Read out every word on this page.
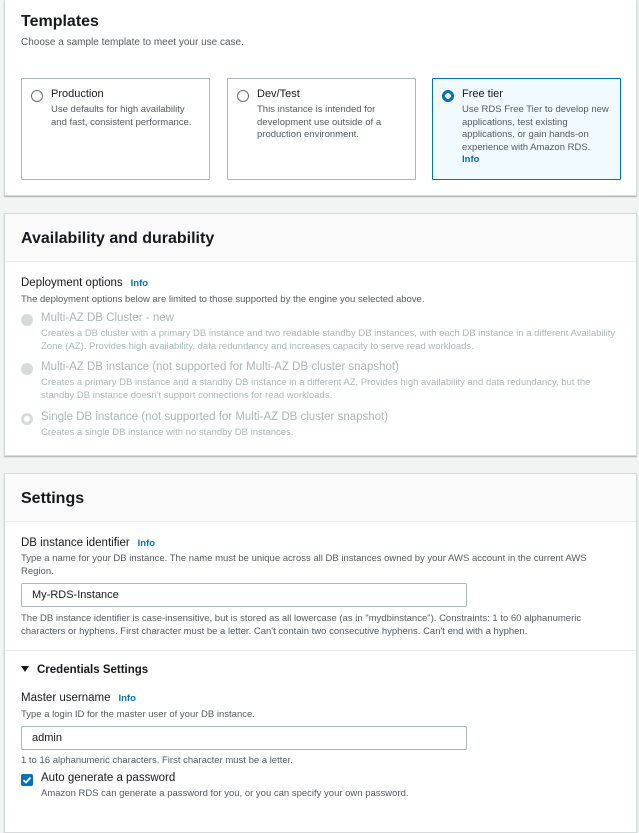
Templates
Choose a sample template to meet your use case.
Production
Use defaults for high availability and fast, consistent performance.
Dev/Test
This instance is intended for development use outside of a production environment.
Free tier
Use RDS Free Tier to develop new applications, test existing applications, or gain hands-on experience with Amazon RDS.
Info
Availability and durability
Deployment options Info
The deployment options below are limited to those supported by the engine you selected above.
Multi-AZ DB Cluster - new
Creates a DB cluster with a primary DB instance and two readable standby DB instances, with each DB instance in a different Availability Zone (AZ). Provides high availability, data redundancy and increases capacity to serve read workloads.
Multi-AZ DB instance (not supported for Multi-AZ DB cluster snapshot)
Creates a primary DB instance and a standby DB instance in a different AZ. Provides high availability and data redundancy, but the standby DB instance doesn't support connections for read workloads.
Single DB instance (not supported for Multi-AZ DB cluster snapshot)
Creates a single DB instance with no standby DB instances.
Settings
DB instance identifier Info
Type a name for your DB instance. The name must be unique across all DB instances owned by your AWS account in the current AWS Region.
My-RDS-Instance
The DB instance identifier is case-insensitive, but is stored as all lowercase (as in "mydbinstance"). Constraints: 1 to 60 alphanumeric characters or hyphens. First character must be a letter. Can't contain two consecutive hyphens. Can't end with a hyphen.
Credentials Settings
Master username Info
Type a login ID for the master user of your DB instance.
admin
1 to 16 alphanumeric characters. First character must be a letter.
Auto generate a password
Amazon RDS can generate a password for you, or you can specify your own password.
